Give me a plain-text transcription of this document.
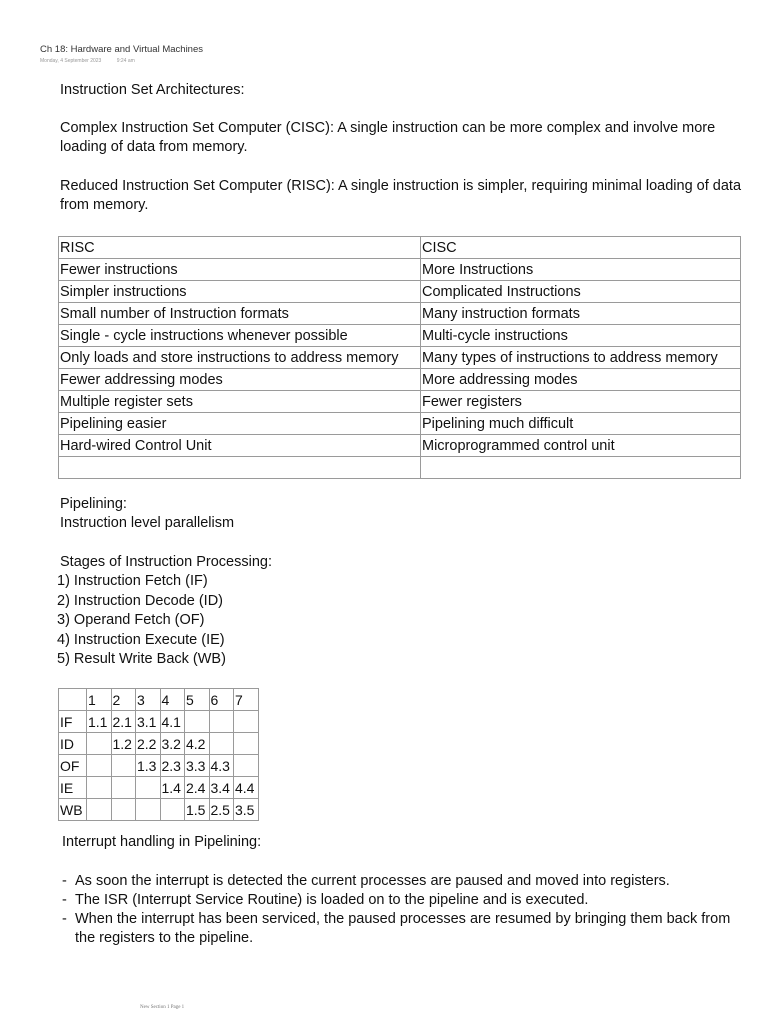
Ch 18: Hardware and Virtual Machines
Monday, 4 September 2023	9:24 am
Instruction Set Architectures:
Complex Instruction Set Computer (CISC): A single instruction can be more complex and involve more loading of data from memory.
Reduced Instruction Set Computer (RISC): A single instruction is simpler, requiring minimal loading of data from memory.
RISC	CISC
Fewer instructions	More Instructions
Simpler instructions	Complicated Instructions
Small number of Instruction formats	Many instruction formats
Single - cycle instructions whenever possible	Multi-cycle instructions
Only loads and store instructions to address memory	Many types of instructions to address memory
Fewer addressing modes	More addressing modes
Multiple register sets	Fewer registers
Pipelining easier	Pipelining much difficult
Hard-wired Control Unit	Microprogrammed control unit

Pipelining:
Instruction level parallelism
Stages of Instruction Processing:
1) Instruction Fetch (IF)
2) Instruction Decode (ID)
3) Operand Fetch (OF)
4) Instruction Execute (IE)
5) Result Write Back (WB)
	1	2	3	4	5	6	7
IF	1.1	2.1	3.1	4.1			
ID		1.2	2.2	3.2	4.2		
OF			1.3	2.3	3.3	4.3	
IE				1.4	2.4	3.4	4.4
WB					1.5	2.5	3.5
Interrupt handling in Pipelining:
- As soon the interrupt is detected the current processes are paused and moved into registers.
- The ISR (Interrupt Service Routine) is loaded on to the pipeline and is executed.
- When the interrupt has been serviced, the paused processes are resumed by bringing them back from the registers to the pipeline.
New Section 1 Page 1
